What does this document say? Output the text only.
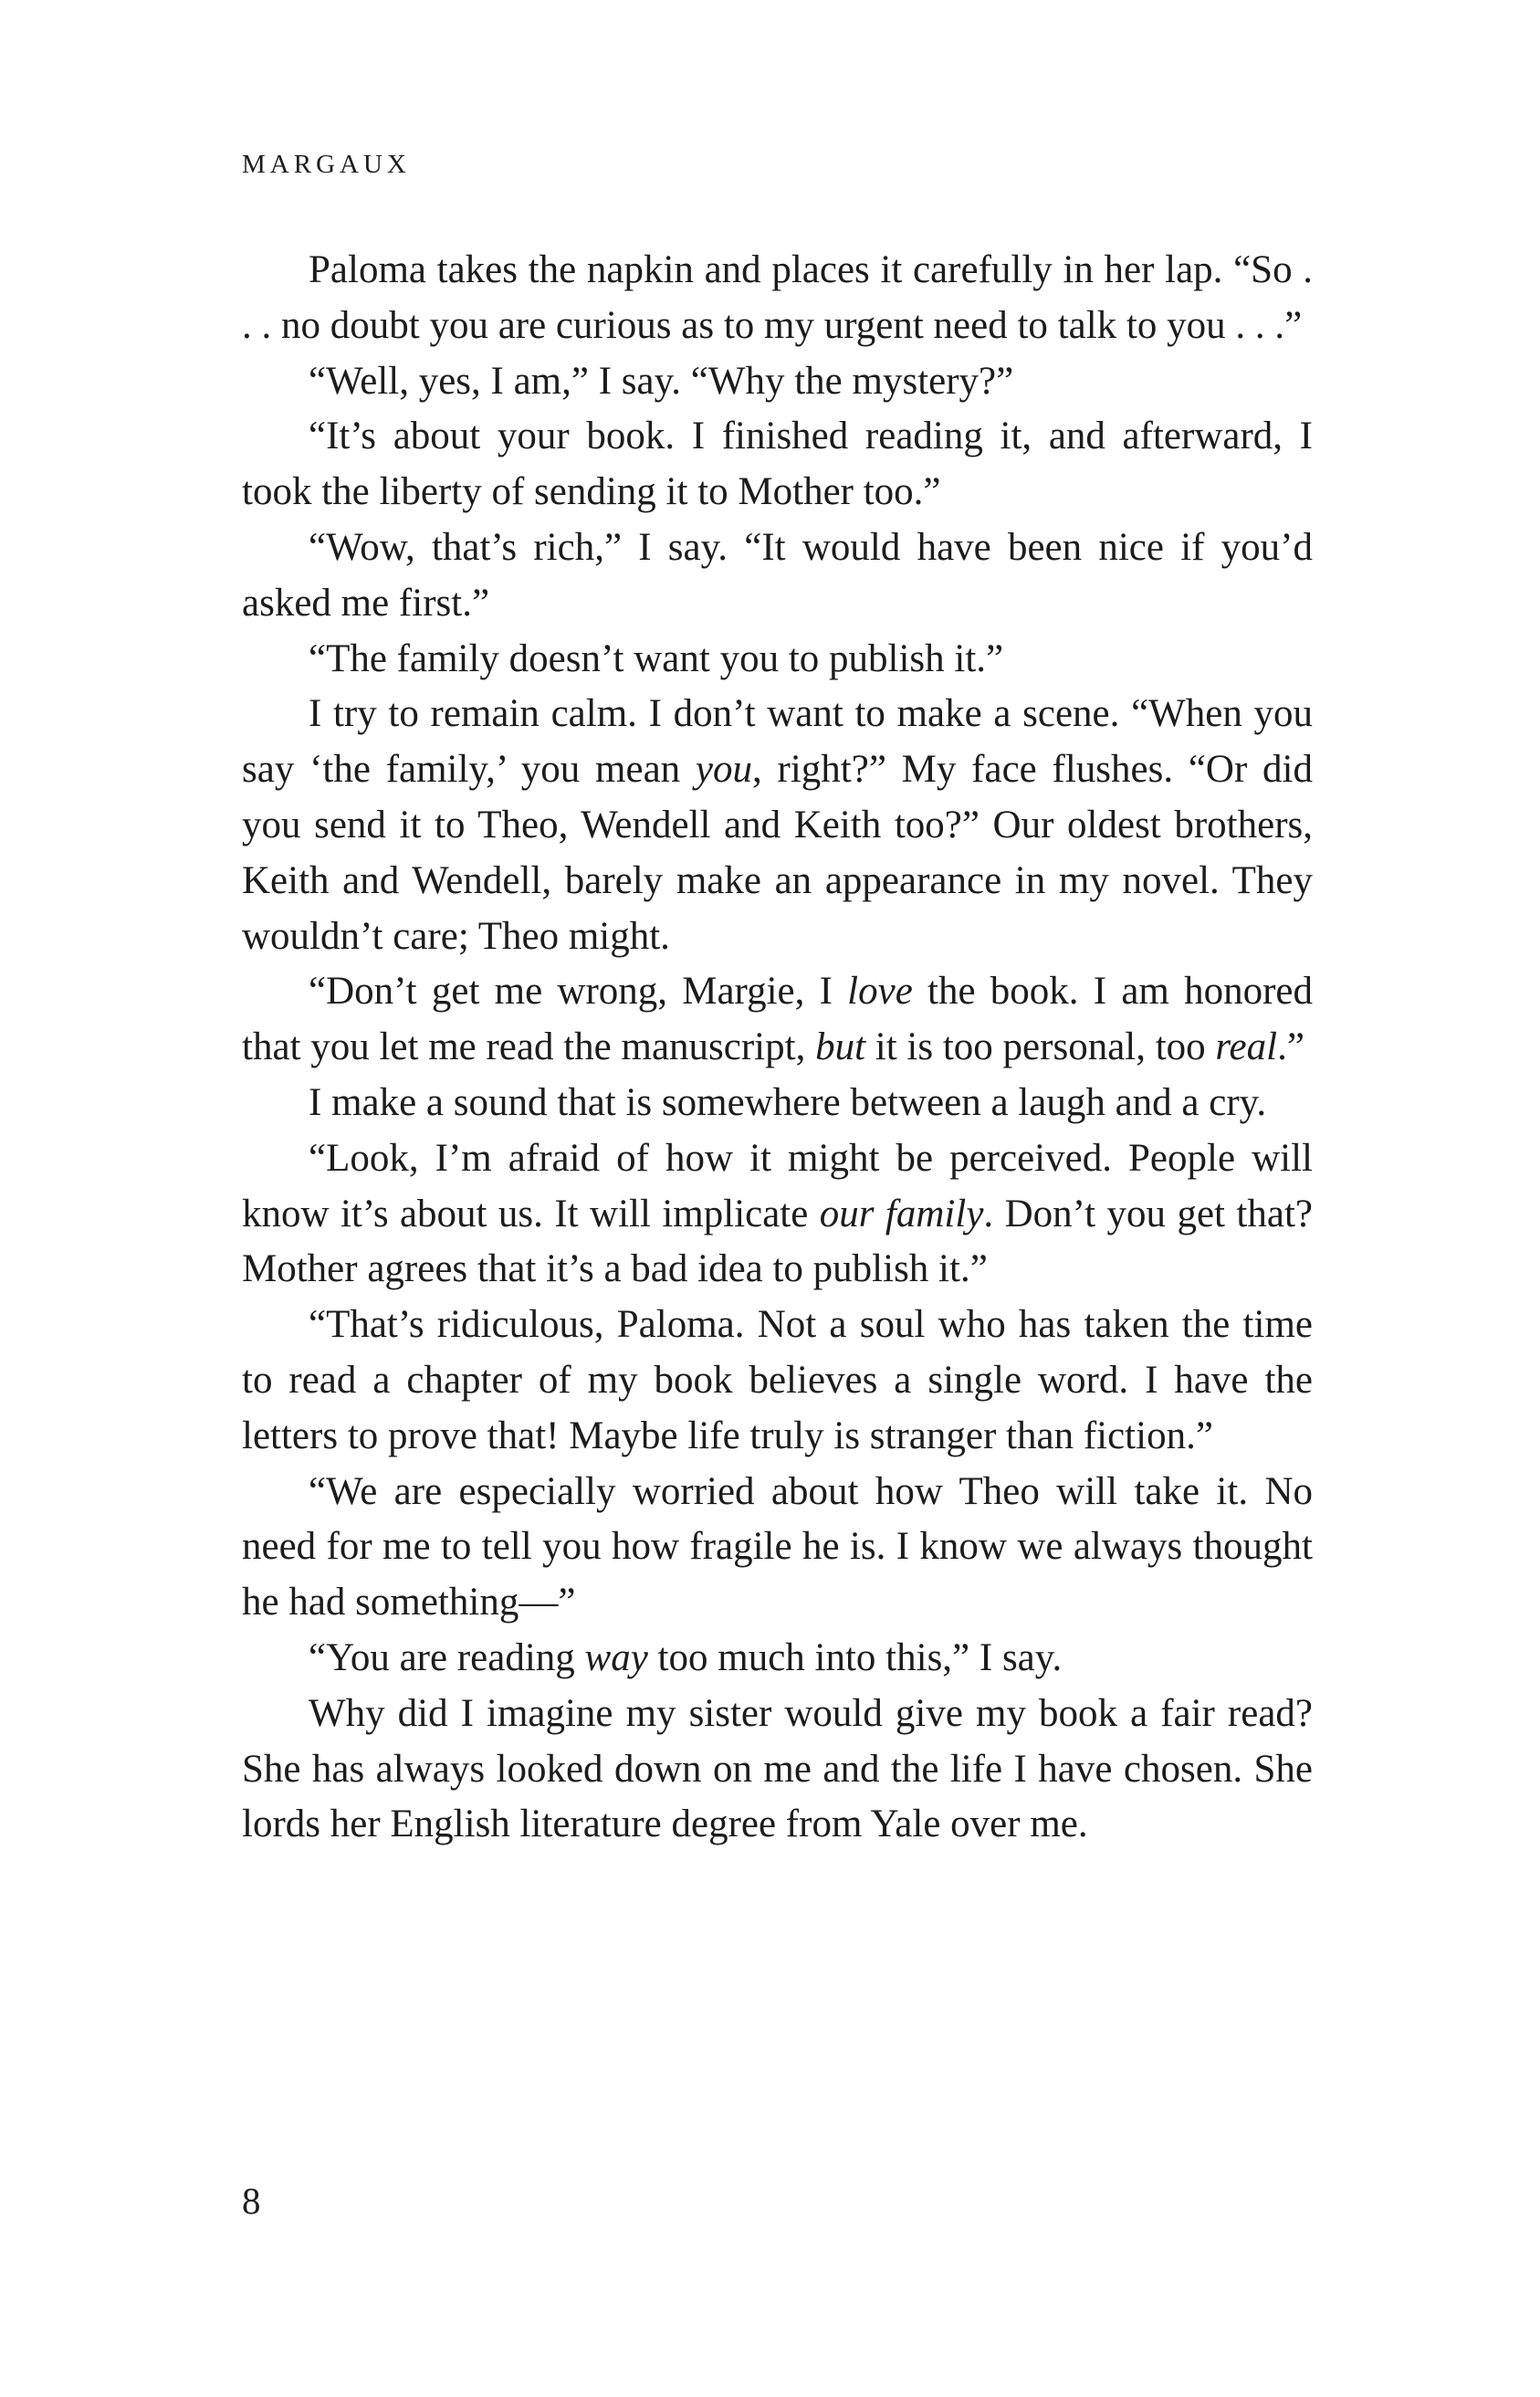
MARGAUX

Paloma takes the napkin and places it carefully in her lap. “So . . . no doubt you are curious as to my urgent need to talk to you . . .”

“Well, yes, I am,” I say. “Why the mystery?”

“It’s about your book. I finished reading it, and afterward, I took the liberty of sending it to Mother too.”

“Wow, that’s rich,” I say. “It would have been nice if you’d asked me first.”

“The family doesn’t want you to publish it.”

I try to remain calm. I don’t want to make a scene. “When you say ‘the family,’ you mean you, right?” My face flushes. “Or did you send it to Theo, Wendell and Keith too?” Our oldest brothers, Keith and Wendell, barely make an appearance in my novel. They wouldn’t care; Theo might.

“Don’t get me wrong, Margie, I love the book. I am honored that you let me read the manuscript, but it is too personal, too real.”

I make a sound that is somewhere between a laugh and a cry.

“Look, I’m afraid of how it might be perceived. People will know it’s about us. It will implicate our family. Don’t you get that? Mother agrees that it’s a bad idea to publish it.”

“That’s ridiculous, Paloma. Not a soul who has taken the time to read a chapter of my book believes a single word. I have the letters to prove that! Maybe life truly is stranger than fiction.”

“We are especially worried about how Theo will take it. No need for me to tell you how fragile he is. I know we always thought he had something—”

“You are reading way too much into this,” I say.

Why did I imagine my sister would give my book a fair read? She has always looked down on me and the life I have chosen. She lords her English literature degree from Yale over me.

8
